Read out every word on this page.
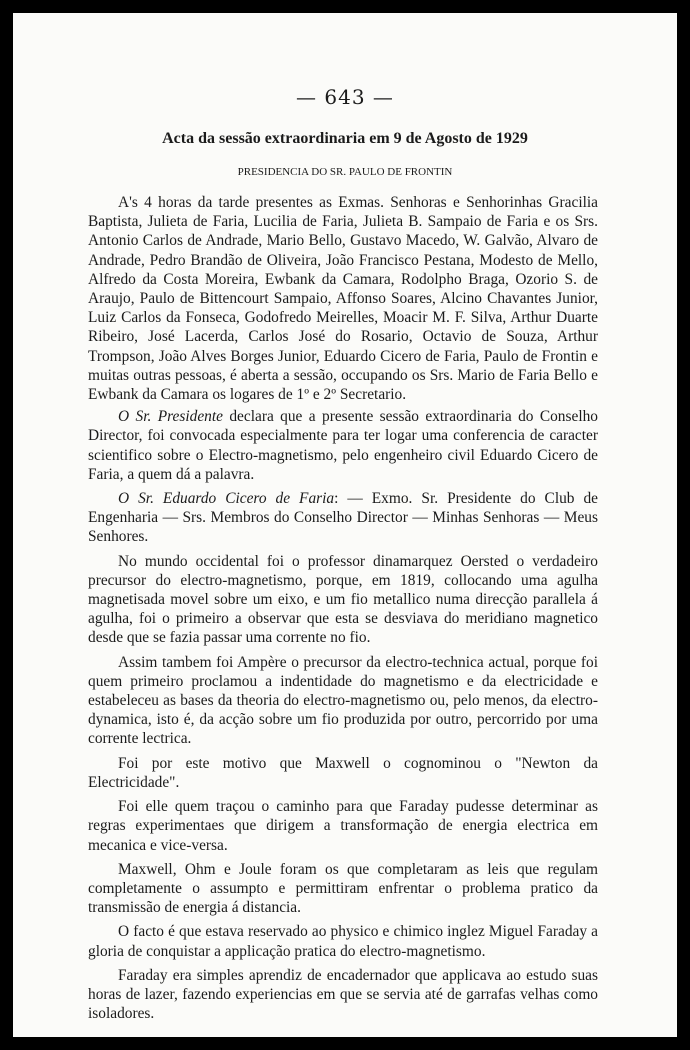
— 643 —
Acta da sessão extraordinaria em 9 de Agosto de 1929
PRESIDENCIA DO SR. PAULO DE FRONTIN

A's 4 horas da tarde presentes as Exmas. Senhoras e Senhorinhas Gracilia Baptista, Julieta de Faria, Lucilia de Faria, Julieta B. Sampaio de Faria e os Srs. Antonio Carlos de Andrade, Mario Bello, Gustavo Macedo, W. Galvão, Alvaro de Andrade, Pedro Brandão de Oliveira, João Francisco Pestana, Modesto de Mello, Alfredo da Costa Moreira, Ewbank da Camara, Rodolpho Braga, Ozorio S. de Araujo, Paulo de Bittencourt Sampaio, Affonso Soares, Alcino Chavantes Junior, Luiz Carlos da Fonseca, Godofredo Meirelles, Moacir M. F. Silva, Arthur Duarte Ribeiro, José Lacerda, Carlos José do Rosario, Octavio de Souza, Arthur Trompson, João Alves Borges Junior, Eduardo Cicero de Faria, Paulo de Frontin e muitas outras pessoas, é aberta a sessão, occupando os Srs. Mario de Faria Bello e Ewbank da Camara os logares de 1º e 2º Secretario.

O Sr. Presidente declara que a presente sessão extraordinaria do Conselho Director, foi convocada especialmente para ter logar uma conferencia de caracter scientifico sobre o Electro-magnetismo, pelo engenheiro civil Eduardo Cicero de Faria, a quem dá a palavra.

O Sr. Eduardo Cicero de Faria: — Exmo. Sr. Presidente do Club de Engenharia — Srs. Membros do Conselho Director — Minhas Senhoras — Meus Senhores.

No mundo occidental foi o professor dinamarquez Oersted o verdadeiro precursor do electro-magnetismo, porque, em 1819, collocando uma agulha magnetisada movel sobre um eixo, e um fio metallico numa direcção parallela á agulha, foi o primeiro a observar que esta se desviava do meridiano magnetico desde que se fazia passar uma corrente no fio.

Assim tambem foi Ampère o precursor da electro-technica actual, porque foi quem primeiro proclamou a indentidade do magnetismo e da electricidade e estabeleceu as bases da theoria do electro-magnetismo ou, pelo menos, da electro-dynamica, isto é, da acção sobre um fio produzida por outro, percorrido por uma corrente lectrica.

Foi por este motivo que Maxwell o cognominou o "Newton da Electricidade".

Foi elle quem traçou o caminho para que Faraday pudesse determinar as regras experimentaes que dirigem a transformação de energia electrica em mecanica e vice-versa.

Maxwell, Ohm e Joule foram os que completaram as leis que regulam completamente o assumpto e permittiram enfrentar o problema pratico da transmissão de energia á distancia.

O facto é que estava reservado ao physico e chimico inglez Miguel Faraday a gloria de conquistar a applicação pratica do electro-magnetismo.

Faraday era simples aprendiz de encadernador que applicava ao estudo suas horas de lazer, fazendo experiencias em que se servia até de garrafas velhas como isoladores.
